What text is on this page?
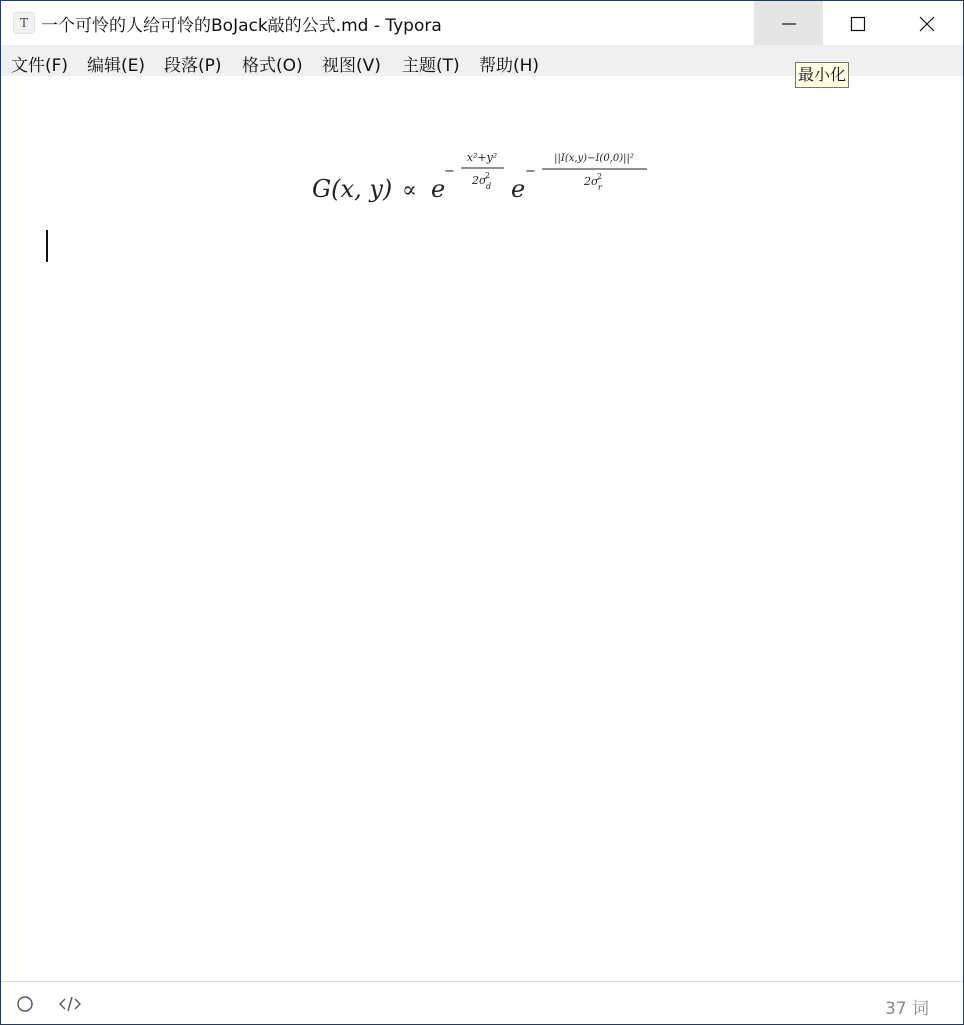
T 一个可怜的人给可怜的BoJack敲的公式.md - Typora
文件(F) 编辑(E) 段落(P) 格式(O) 视图(V) 主题(T) 帮助(H)
G(x, y) ∝ e
−
x²+y²
2σ
2
d e
−
||I(x,y)−I(0,0)||²
2σ
2
r
最小化
37 词
